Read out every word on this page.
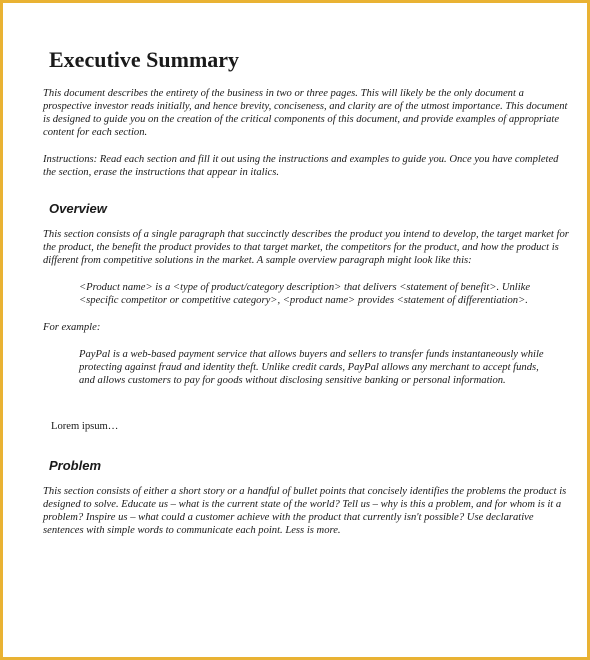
Executive Summary

This document describes the entirety of the business in two or three pages. This will likely be the only document a prospective investor reads initially, and hence brevity, conciseness, and clarity are of the utmost importance. This document is designed to guide you on the creation of the critical components of this document, and provide examples of appropriate content for each section.

Instructions: Read each section and fill it out using the instructions and examples to guide you. Once you have completed the section, erase the instructions that appear in italics.

Overview

This section consists of a single paragraph that succinctly describes the product you intend to develop, the target market for the product, the benefit the product provides to that target market, the competitors for the product, and how the product is different from competitive solutions in the market. A sample overview paragraph might look like this:

<Product name> is a <type of product/category description> that delivers <statement of benefit>. Unlike <specific competitor or competitive category>, <product name> provides <statement of differentiation>.

For example:

PayPal is a web-based payment service that allows buyers and sellers to transfer funds instantaneously while protecting against fraud and identity theft. Unlike credit cards, PayPal allows any merchant to accept funds, and allows customers to pay for goods without disclosing sensitive banking or personal information.

Lorem ipsum…
Problem

This section consists of either a short story or a handful of bullet points that concisely identifies the problems the product is designed to solve. Educate us – what is the current state of the world? Tell us – why is this a problem, and for whom is it a problem? Inspire us – what could a customer achieve with the product that currently isn't possible? Use declarative sentences with simple words to communicate each point. Less is more.
